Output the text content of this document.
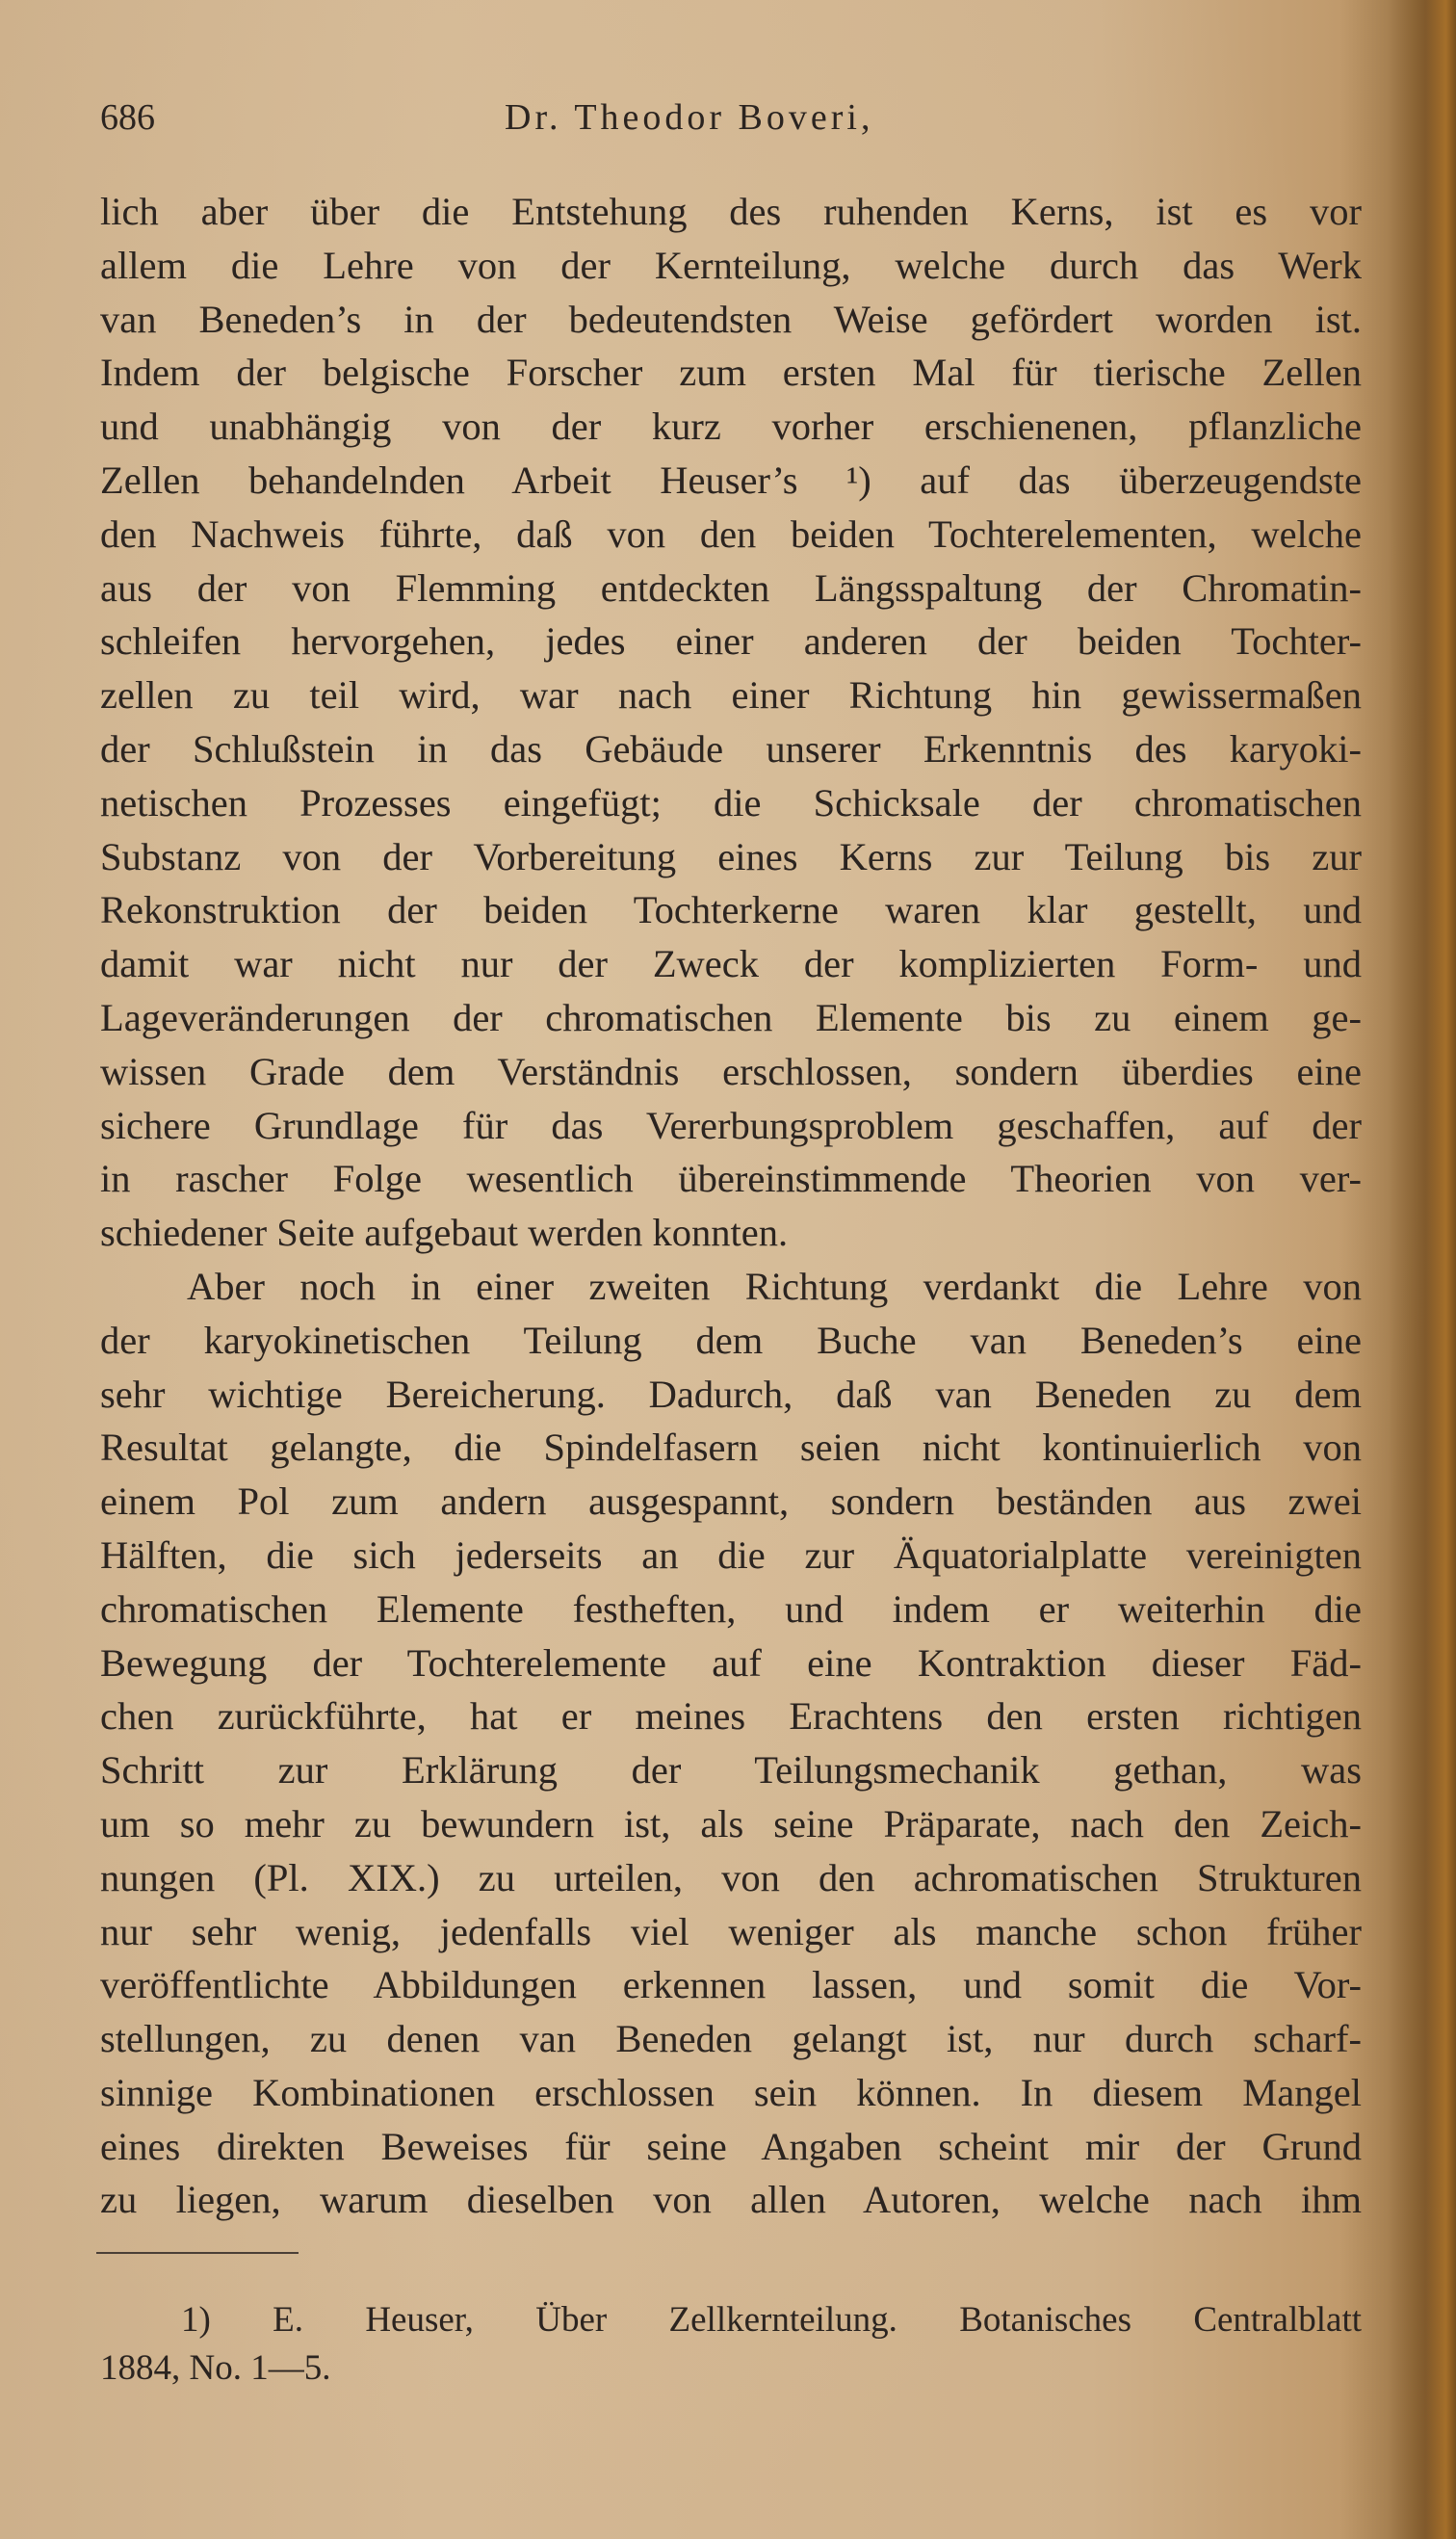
686	Dr. Theodor Boveri,
lich aber über die Entstehung des ruhenden Kerns, ist es vor
allem die Lehre von der Kernteilung, welche durch das Werk
van Beneden’s in der bedeutendsten Weise gefördert worden ist.
Indem der belgische Forscher zum ersten Mal für tierische Zellen
und unabhängig von der kurz vorher erschienenen, pflanzliche
Zellen behandelnden Arbeit Heuser’s ¹) auf das überzeugendste
den Nachweis führte, daß von den beiden Tochterelementen, welche
aus der von Flemming entdeckten Längsspaltung der Chromatin-
schleifen hervorgehen, jedes einer anderen der beiden Tochter-
zellen zu teil wird, war nach einer Richtung hin gewissermaßen
der Schlußstein in das Gebäude unserer Erkenntnis des karyoki-
netischen Prozesses eingefügt; die Schicksale der chromatischen
Substanz von der Vorbereitung eines Kerns zur Teilung bis zur
Rekonstruktion der beiden Tochterkerne waren klar gestellt, und
damit war nicht nur der Zweck der komplizierten Form- und
Lageveränderungen der chromatischen Elemente bis zu einem ge-
wissen Grade dem Verständnis erschlossen, sondern überdies eine
sichere Grundlage für das Vererbungsproblem geschaffen, auf der
in rascher Folge wesentlich übereinstimmende Theorien von ver-
schiedener Seite aufgebaut werden konnten.
Aber noch in einer zweiten Richtung verdankt die Lehre von
der karyokinetischen Teilung dem Buche van Beneden’s eine
sehr wichtige Bereicherung. Dadurch, daß van Beneden zu dem
Resultat gelangte, die Spindelfasern seien nicht kontinuierlich von
einem Pol zum andern ausgespannt, sondern beständen aus zwei
Hälften, die sich jederseits an die zur Äquatorialplatte vereinigten
chromatischen Elemente festheften, und indem er weiterhin die
Bewegung der Tochterelemente auf eine Kontraktion dieser Fäd-
chen zurückführte, hat er meines Erachtens den ersten richtigen
Schritt zur Erklärung der Teilungsmechanik gethan, was
um so mehr zu bewundern ist, als seine Präparate, nach den Zeich-
nungen (Pl. XIX.) zu urteilen, von den achromatischen Strukturen
nur sehr wenig, jedenfalls viel weniger als manche schon früher
veröffentlichte Abbildungen erkennen lassen, und somit die Vor-
stellungen, zu denen van Beneden gelangt ist, nur durch scharf-
sinnige Kombinationen erschlossen sein können. In diesem Mangel
eines direkten Beweises für seine Angaben scheint mir der Grund
zu liegen, warum dieselben von allen Autoren, welche nach ihm
1) E. Heuser, Über Zellkernteilung. Botanisches Centralblatt
1884, No. 1—5.
